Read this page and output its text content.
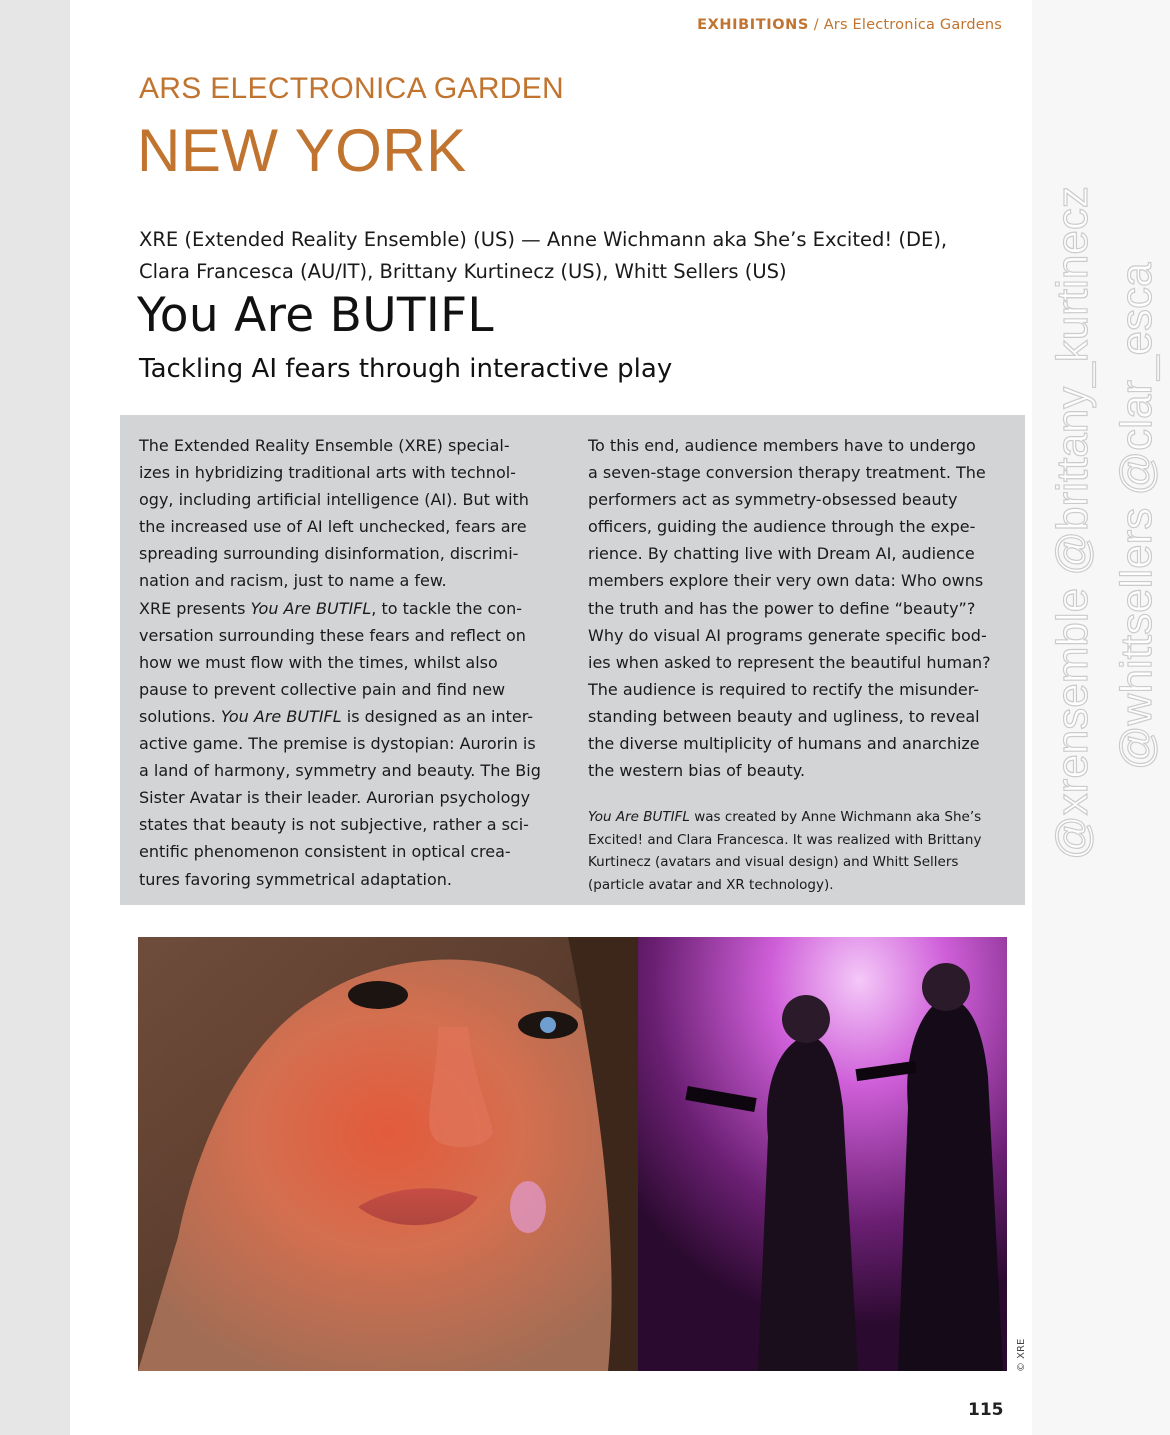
EXHIBITIONS / Ars Electronica Gardens
ARS ELECTRONICA GARDEN
NEW YORK
XRE (Extended Reality Ensemble) (US) — Anne Wichmann aka She’s Excited! (DE),
Clara Francesca (AU/IT), Brittany Kurtinecz (US), Whitt Sellers (US)
You Are BUTIFL
Tackling AI fears through interactive play

The Extended Reality Ensemble (XRE) special-
izes in hybridizing traditional arts with technol-
ogy, including artificial intelligence (AI). But with
the increased use of AI left unchecked, fears are
spreading surrounding disinformation, discrimi-
nation and racism, just to name a few.

XRE presents You Are BUTIFL, to tackle the con-
versation surrounding these fears and reflect on
how we must flow with the times, whilst also
pause to prevent collective pain and find new
solutions. You Are BUTIFL is designed as an inter-
active game. The premise is dystopian: Aurorin is
a land of harmony, symmetry and beauty. The Big
Sister Avatar is their leader. Aurorian psychology
states that beauty is not subjective, rather a sci-
entific phenomenon consistent in optical crea-
tures favoring symmetrical adaptation.

To this end, audience members have to undergo
a seven-stage conversion therapy treatment. The
performers act as symmetry-obsessed beauty
officers, guiding the audience through the expe-
rience. By chatting live with Dream AI, audience
members explore their very own data: Who owns
the truth and has the power to define “beauty”?
Why do visual AI programs generate specific bod-
ies when asked to represent the beautiful human?
The audience is required to rectify the misunder-
standing between beauty and ugliness, to reveal
the diverse multiplicity of humans and anarchize
the western bias of beauty.

You Are BUTIFL was created by Anne Wichmann aka She’s
Excited! and Clara Francesca. It was realized with Brittany
Kurtinecz (avatars and visual design) and Whitt Sellers
(particle avatar and XR technology).
© XRE
115
@xrensemble @brittany_kurtinecz @whittsellers @clar_esca
